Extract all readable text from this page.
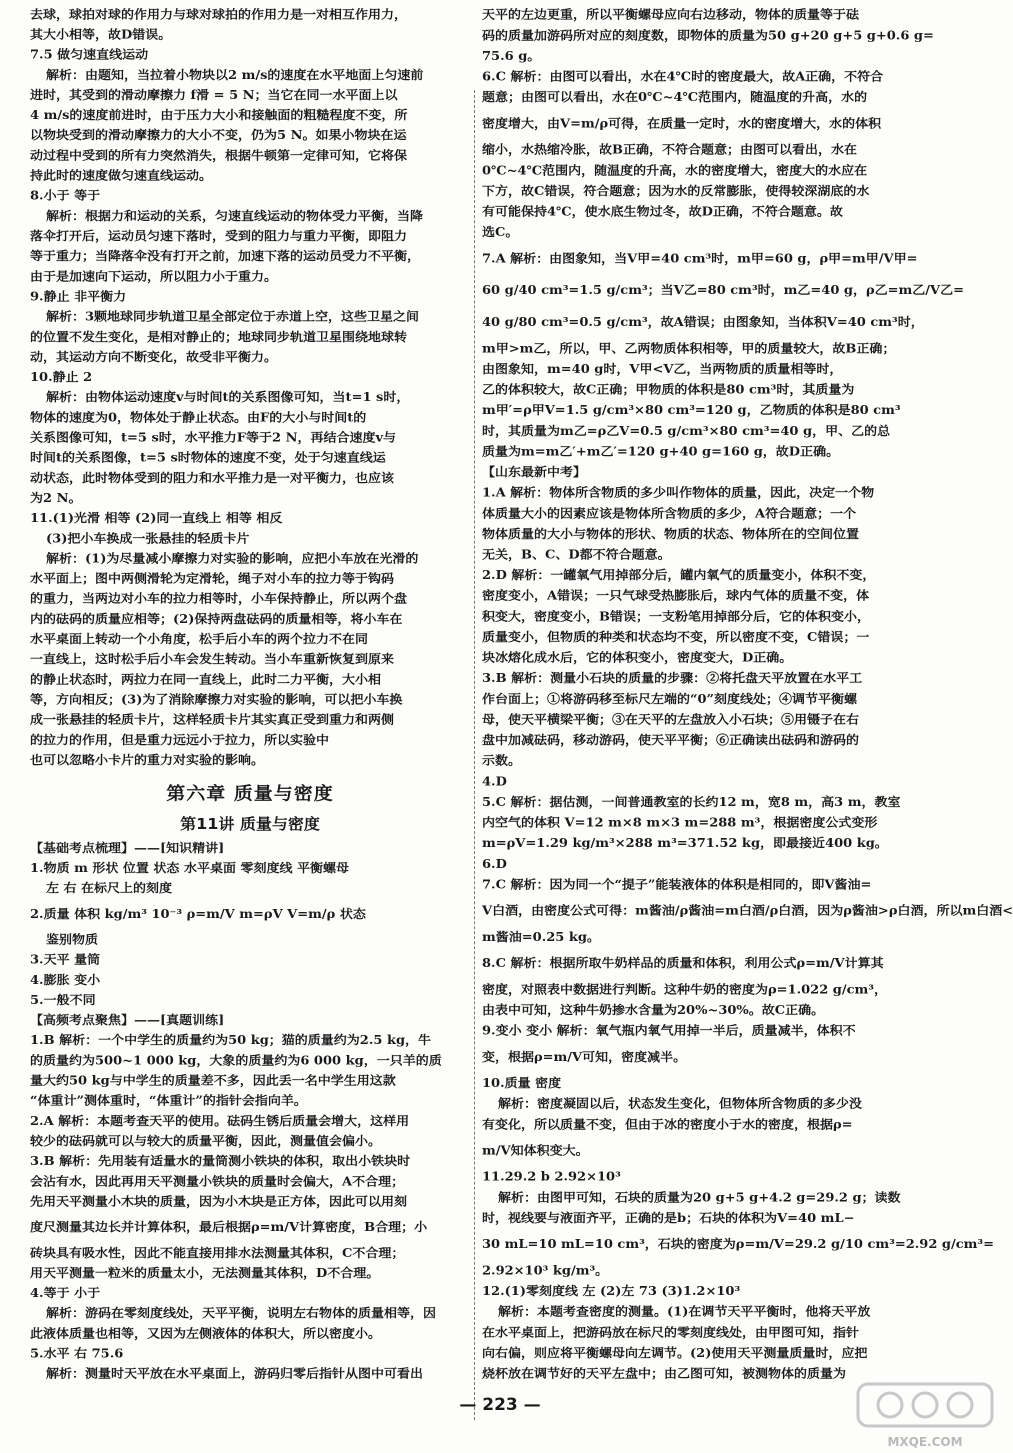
去球，球拍对球的作用力与球对球拍的作用力是一对相互作用力，
其大小相等，故D错误。
7.5 做匀速直线运动
解析：由题知，当拉着小物块以2 m/s的速度在水平地面上匀速前
进时，其受到的滑动摩擦力 f滑 = 5 N；当它在同一水平面上以
4 m/s的速度前进时，由于压力大小和接触面的粗糙程度不变，所
以物块受到的滑动摩擦力的大小不变，仍为5 N。如果小物块在运
动过程中受到的所有力突然消失，根据牛顿第一定律可知，它将保
持此时的速度做匀速直线运动。
8.小于 等于
解析：根据力和运动的关系，匀速直线运动的物体受力平衡，当降
落伞打开后，运动员匀速下落时，受到的阻力与重力平衡，即阻力
等于重力；当降落伞没有打开之前，加速下落的运动员受力不平衡，
由于是加速向下运动，所以阻力小于重力。
9.静止 非平衡力
解析：3颗地球同步轨道卫星全部定位于赤道上空，这些卫星之间
的位置不发生变化，是相对静止的；地球同步轨道卫星围绕地球转
动，其运动方向不断变化，故受非平衡力。
10.静止 2
解析：由物体运动速度v与时间t的关系图像可知，当t=1 s时，
物体的速度为0，物体处于静止状态。由F的大小与时间t的
关系图像可知，t=5 s时，水平推力F等于2 N，再结合速度v与
时间t的关系图像，t=5 s时物体的速度不变，处于匀速直线运
动状态，此时物体受到的阻力和水平推力是一对平衡力，也应该
为2 N。
11.(1)光滑 相等 (2)同一直线上 相等 相反
(3)把小车换成一张悬挂的轻质卡片
解析：(1)为尽量减小摩擦力对实验的影响，应把小车放在光滑的
水平面上；图中两侧滑轮为定滑轮，绳子对小车的拉力等于钩码
的重力，当两边对小车的拉力相等时，小车保持静止，所以两个盘
内的砝码的质量应相等；(2)保持两盘砝码的质量相等，将小车在
水平桌面上转动一个小角度，松手后小车的两个拉力不在同
一直线上，这时松手后小车会发生转动。当小车重新恢复到原来
的静止状态时，两拉力在同一直线上，此时二力平衡，大小相
等，方向相反；(3)为了消除摩擦力对实验的影响，可以把小车换
成一张悬挂的轻质卡片，这样轻质卡片其实真正受到重力和两侧
的拉力的作用，但是重力远远小于拉力，所以实验中
也可以忽略小卡片的重力对实验的影响。
第六章 质量与密度
第11讲 质量与密度
【基础考点梳理】——[知识精讲]
1.物质 m 形状 位置 状态 水平桌面 零刻度线 平衡螺母
左 右 在标尺上的刻度
2.质量 体积 kg/m³ 10⁻³ ρ=m/V m=ρV V=m/ρ 状态
鉴别物质
3.天平 量筒
4.膨胀 变小
5.一般不同
【高频考点聚焦】——[真题训练]
1.B 解析：一个中学生的质量约为50 kg；猫的质量约为2.5 kg，牛
的质量约为500~1 000 kg，大象的质量约为6 000 kg，一只羊的质
量大约50 kg与中学生的质量差不多，因此丢一名中学生用这款
“体重计”测体重时，“体重计”的指针会指向羊。
2.A 解析：本题考查天平的使用。砝码生锈后质量会增大，这样用
较少的砝码就可以与较大的质量平衡，因此，测量值会偏小。
3.B 解析：先用装有适量水的量筒测小铁块的体积，取出小铁块时
会沾有水，因此再用天平测量小铁块的质量时会偏大，A不合理；
先用天平测量小木块的质量，因为小木块是正方体，因此可以用刻
度尺测量其边长并计算体积，最后根据ρ=m/V计算密度，B合理；小
砖块具有吸水性，因此不能直接用排水法测量其体积，C不合理；
用天平测量一粒米的质量太小，无法测量其体积，D不合理。
4.等于 小于
解析：游码在零刻度线处，天平平衡，说明左右物体的质量相等，因
此液体质量也相等，又因为左侧液体的体积大，所以密度小。
5.水平 右 75.6
解析：测量时天平放在水平桌面上，游码归零后指针从图中可看出
天平的左边更重，所以平衡螺母应向右边移动，物体的质量等于砝
码的质量加游码所对应的刻度数，即物体的质量为50 g+20 g+5 g+0.6 g=
75.6 g。
6.C 解析：由图可以看出，水在4℃时的密度最大，故A正确，不符合
题意；由图可以看出，水在0℃~4℃范围内，随温度的升高，水的
密度增大，由V=m/ρ可得，在质量一定时，水的密度增大，水的体积
缩小，水热缩冷胀，故B正确，不符合题意；由图可以看出，水在
0℃~4℃范围内，随温度的升高，水的密度增大，密度大的水应在
下方，故C错误，符合题意；因为水的反常膨胀，使得较深湖底的水
有可能保持4℃，使水底生物过冬，故D正确，不符合题意。故
选C。
7.A 解析：由图象知，当V甲=40 cm³时，m甲=60 g，ρ甲=m甲/V甲=
60 g/40 cm³=1.5 g/cm³；当V乙=80 cm³时，m乙=40 g，ρ乙=m乙/V乙=
40 g/80 cm³=0.5 g/cm³，故A错误；由图象知，当体积V=40 cm³时，
m甲>m乙，所以，甲、乙两物质体积相等，甲的质量较大，故B正确；
由图象知，m=40 g时，V甲<V乙，当两物质的质量相等时，
乙的体积较大，故C正确；甲物质的体积是80 cm³时，其质量为
m甲′=ρ甲V=1.5 g/cm³×80 cm³=120 g，乙物质的体积是80 cm³
时，其质量为m乙=ρ乙V=0.5 g/cm³×80 cm³=40 g，甲、乙的总
质量为m=m乙′+m乙′=120 g+40 g=160 g，故D正确。
【山东最新中考】
1.A 解析：物体所含物质的多少叫作物体的质量，因此，决定一个物
体质量大小的因素应该是物体所含物质的多少，A符合题意；一个
物体质量的大小与物体的形状、物质的状态、物体所在的空间位置
无关，B、C、D都不符合题意。
2.D 解析：一罐氧气用掉部分后，罐内氧气的质量变小，体积不变，
密度变小，A错误；一只气球受热膨胀后，球内气体的质量不变，体
积变大，密度变小，B错误；一支粉笔用掉部分后，它的体积变小，
质量变小，但物质的种类和状态均不变，所以密度不变，C错误；一
块冰熔化成水后，它的体积变小，密度变大，D正确。
3.B 解析：测量小石块的质量的步骤：②将托盘天平放置在水平工
作台面上；①将游码移至标尺左端的“0”刻度线处；④调节平衡螺
母，使天平横梁平衡；③在天平的左盘放入小石块；⑤用镊子在右
盘中加减砝码，移动游码，使天平平衡；⑥正确读出砝码和游码的
示数。
4.D
5.C 解析：据估测，一间普通教室的长约12 m，宽8 m，高3 m，教室
内空气的体积 V=12 m×8 m×3 m=288 m³，根据密度公式变形
m=ρV=1.29 kg/m³×288 m³=371.52 kg，即最接近400 kg。
6.D
7.C 解析：因为同一个“提子”能装液体的体积是相同的，即V酱油=
V白酒，由密度公式可得：m酱油/ρ酱油=m白酒/ρ白酒，因为ρ酱油>ρ白酒，所以m白酒<
m酱油=0.25 kg。
8.C 解析：根据所取牛奶样品的质量和体积，利用公式ρ=m/V计算其
密度，对照表中数据进行判断。这种牛奶的密度为ρ=1.022 g/cm³，
由表中可知，这种牛奶掺水含量为20%~30%。故C正确。
9.变小 变小 解析：氧气瓶内氧气用掉一半后，质量减半，体积不
变，根据ρ=m/V可知，密度减半。
10.质量 密度
解析：密度凝固以后，状态发生变化，但物体所含物质的多少没
有变化，所以质量不变，但由于冰的密度小于水的密度，根据ρ=
m/V知体积变大。
11.29.2 b 2.92×10³
解析：由图甲可知，石块的质量为20 g+5 g+4.2 g=29.2 g；读数
时，视线要与液面齐平，正确的是b；石块的体积为V=40 mL−
30 mL=10 mL=10 cm³，石块的密度为ρ=m/V=29.2 g/10 cm³=2.92 g/cm³=
2.92×10³ kg/m³。
12.(1)零刻度线 左 (2)左 73 (3)1.2×10³
解析：本题考查密度的测量。(1)在调节天平平衡时，他将天平放
在水平桌面上，把游码放在标尺的零刻度线处，由甲图可知，指针
向右偏，则应将平衡螺母向左调节。(2)使用天平测量质量时，应把
烧杯放在调节好的天平左盘中；由乙图可知，被测物体的质量为
— 223 —
MXQE.COM
